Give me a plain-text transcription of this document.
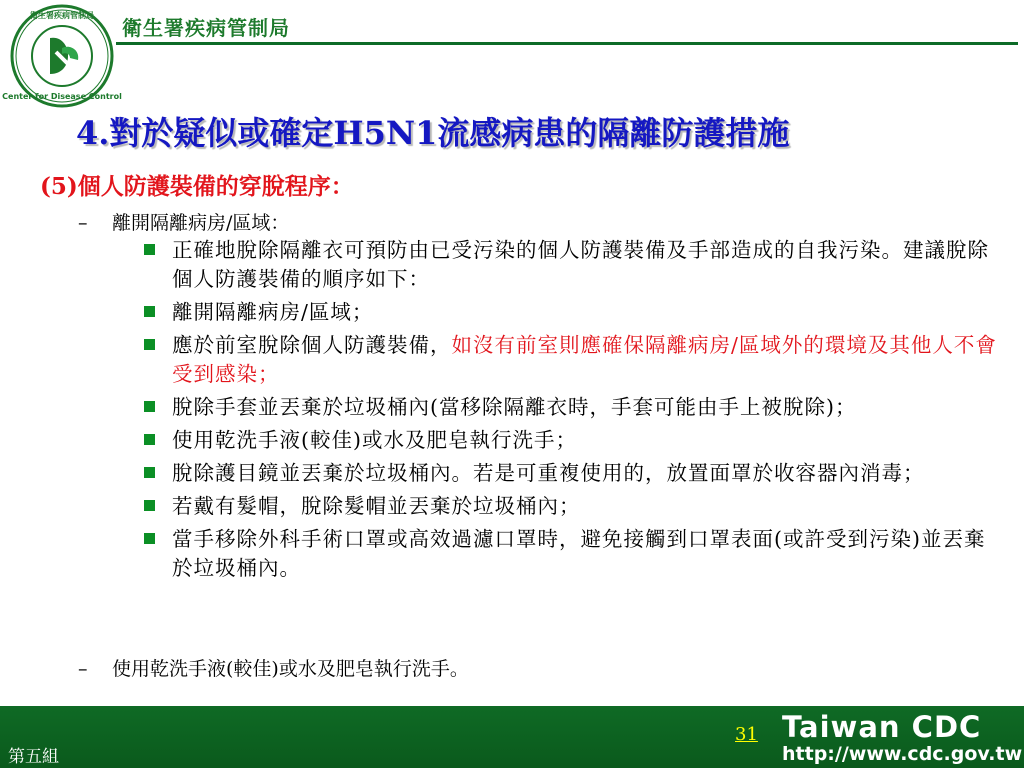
Center for Disease Control
衛生署疾病管制局
衛生署疾病管制局
4.對於疑似或確定H5N1流感病患的隔離防護措施
(5)個人防護裝備的穿脫程序：
– 離開隔離病房/區域：
正確地脫除隔離衣可預防由已受污染的個人防護裝備及手部造成的自我污染。建議脫除個人防護裝備的順序如下：
離開隔離病房/區域；
應於前室脫除個人防護裝備，如沒有前室則應確保隔離病房/區域外的環境及其他人不會受到感染；
脫除手套並丟棄於垃圾桶內(當移除隔離衣時，手套可能由手上被脫除)；
使用乾洗手液(較佳)或水及肥皂執行洗手；
脫除護目鏡並丟棄於垃圾桶內。若是可重複使用的，放置面罩於收容器內消毒；
若戴有髮帽，脫除髮帽並丟棄於垃圾桶內；
當手移除外科手術口罩或高效過濾口罩時，避免接觸到口罩表面(或許受到污染)並丟棄於垃圾桶內。
– 使用乾洗手液(較佳)或水及肥皂執行洗手。
31
第五組
Taiwan CDC
http://www.cdc.gov.tw
